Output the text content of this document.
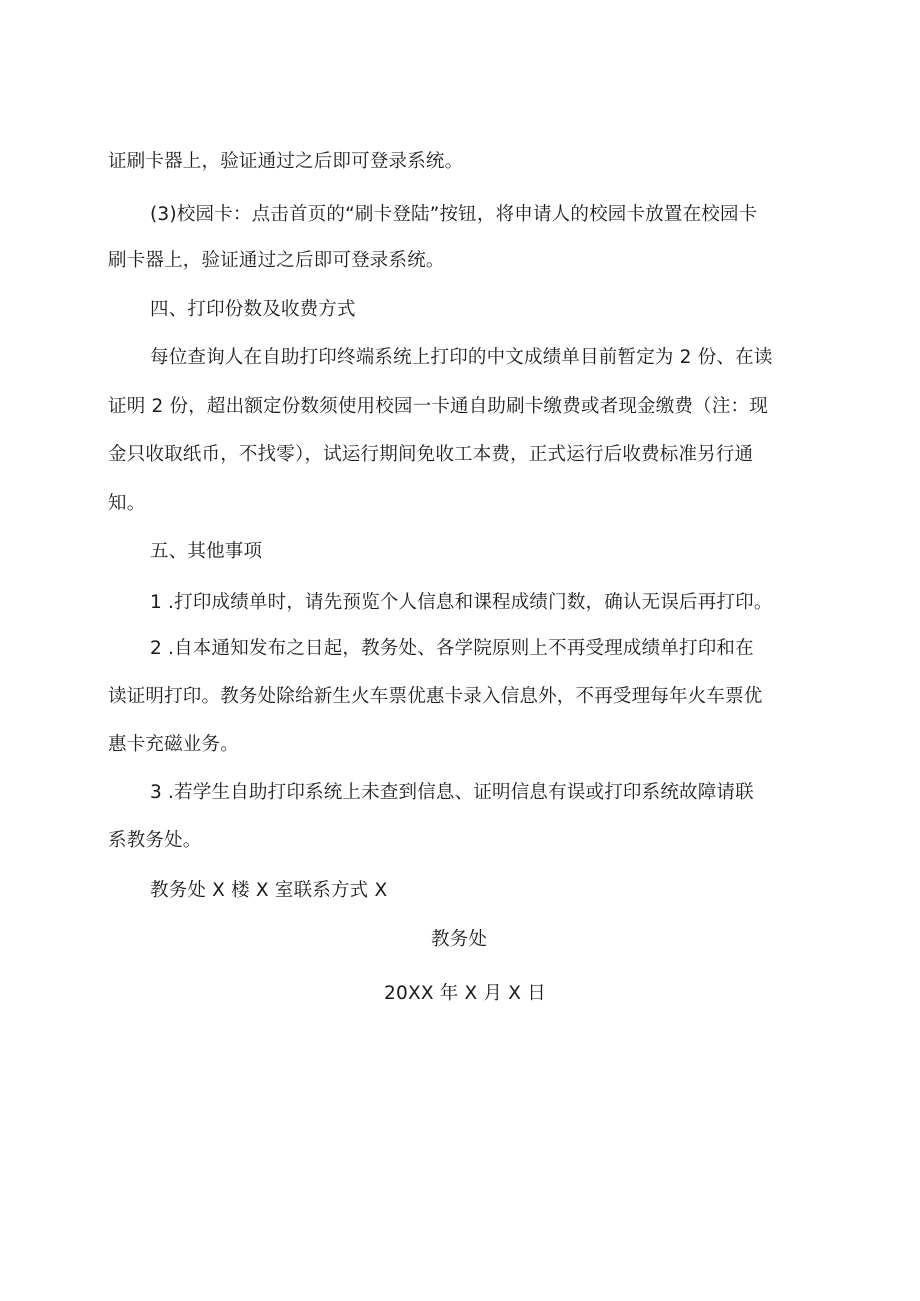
证刷卡器上，验证通过之后即可登录系统。
(3)校园卡：点击首页的“刷卡登陆”按钮，将申请人的校园卡放置在校园卡
刷卡器上，验证通过之后即可登录系统。
四、打印份数及收费方式
每位查询人在自助打印终端系统上打印的中文成绩单目前暂定为 2 份、在读
证明 2 份，超出额定份数须使用校园一卡通自助刷卡缴费或者现金缴费（注：现
金只收取纸币，不找零），试运行期间免收工本费，正式运行后收费标准另行通
知。
五、其他事项
1 .打印成绩单时，请先预览个人信息和课程成绩门数，确认无误后再打印。
2 .自本通知发布之日起，教务处、各学院原则上不再受理成绩单打印和在
读证明打印。教务处除给新生火车票优惠卡录入信息外，不再受理每年火车票优
惠卡充磁业务。
3 .若学生自助打印系统上未查到信息、证明信息有误或打印系统故障请联
系教务处。
教务处 X 楼 X 室联系方式 X
教务处
20XX 年 X 月 X 日
